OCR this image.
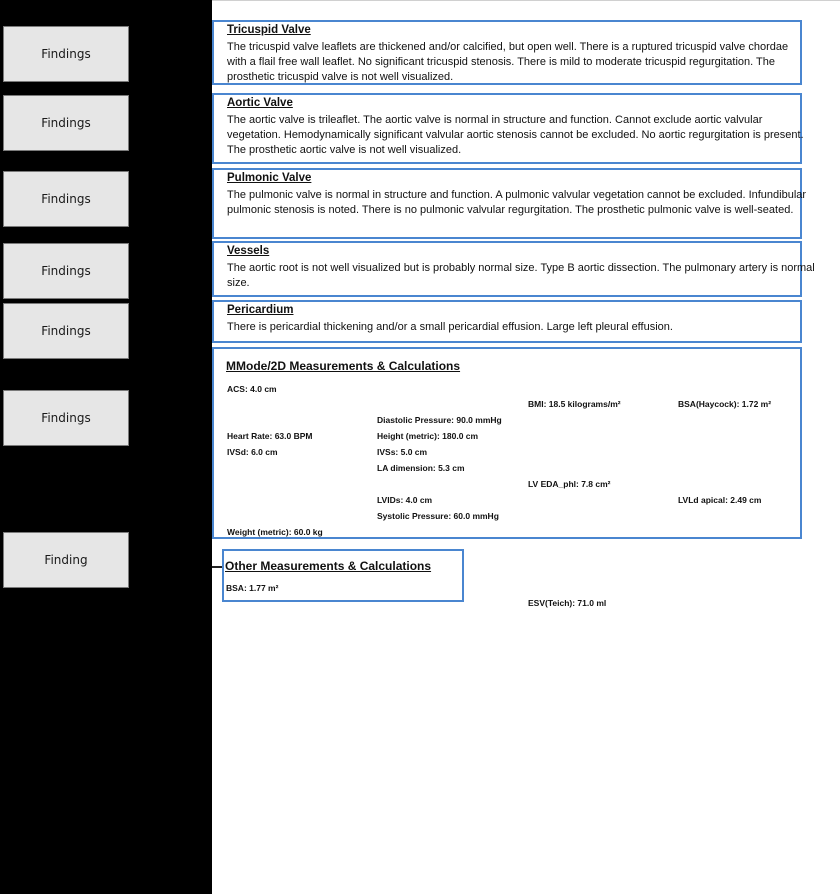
Findings
Findings
Findings
Findings
Findings
Findings
Finding
Tricuspid Valve
The tricuspid valve leaflets are thickened and/or calcified, but open well. There is a ruptured tricuspid valve chordae with a flail free wall leaflet. No significant tricuspid stenosis. There is mild to moderate tricuspid regurgitation. The prosthetic tricuspid valve is not well visualized.
Aortic Valve
The aortic valve is trileaflet. The aortic valve is normal in structure and function. Cannot exclude aortic valvular vegetation. Hemodynamically significant valvular aortic stenosis cannot be excluded. No aortic regurgitation is present. The prosthetic aortic valve is not well visualized.
Pulmonic Valve
The pulmonic valve is normal in structure and function. A pulmonic valvular vegetation cannot be excluded. Infundibular pulmonic stenosis is noted. There is no pulmonic valvular regurgitation. The prosthetic pulmonic valve is well-seated.
Vessels
The aortic root is not well visualized but is probably normal size. Type B aortic dissection. The pulmonary artery is normal size.
Pericardium
There is pericardial thickening and/or a small pericardial effusion. Large left pleural effusion.
MMode/2D Measurements & Calculations
ACS: 4.0 cm
BMI: 18.5 kilograms/m²	BSA(Haycock): 1.72 m²
Diastolic Pressure: 90.0 mmHg
Heart Rate: 63.0 BPM	Height (metric): 180.0 cm
IVSd: 6.0 cm	IVSs: 5.0 cm
LA dimension: 5.3 cm
LV EDA_phl: 7.8 cm²
LVIDs: 4.0 cm	LVLd apical: 2.49 cm
Systolic Pressure: 60.0 mmHg
Weight (metric): 60.0 kg
Other Measurements & Calculations
BSA: 1.77 m²
ESV(Teich): 71.0 ml
